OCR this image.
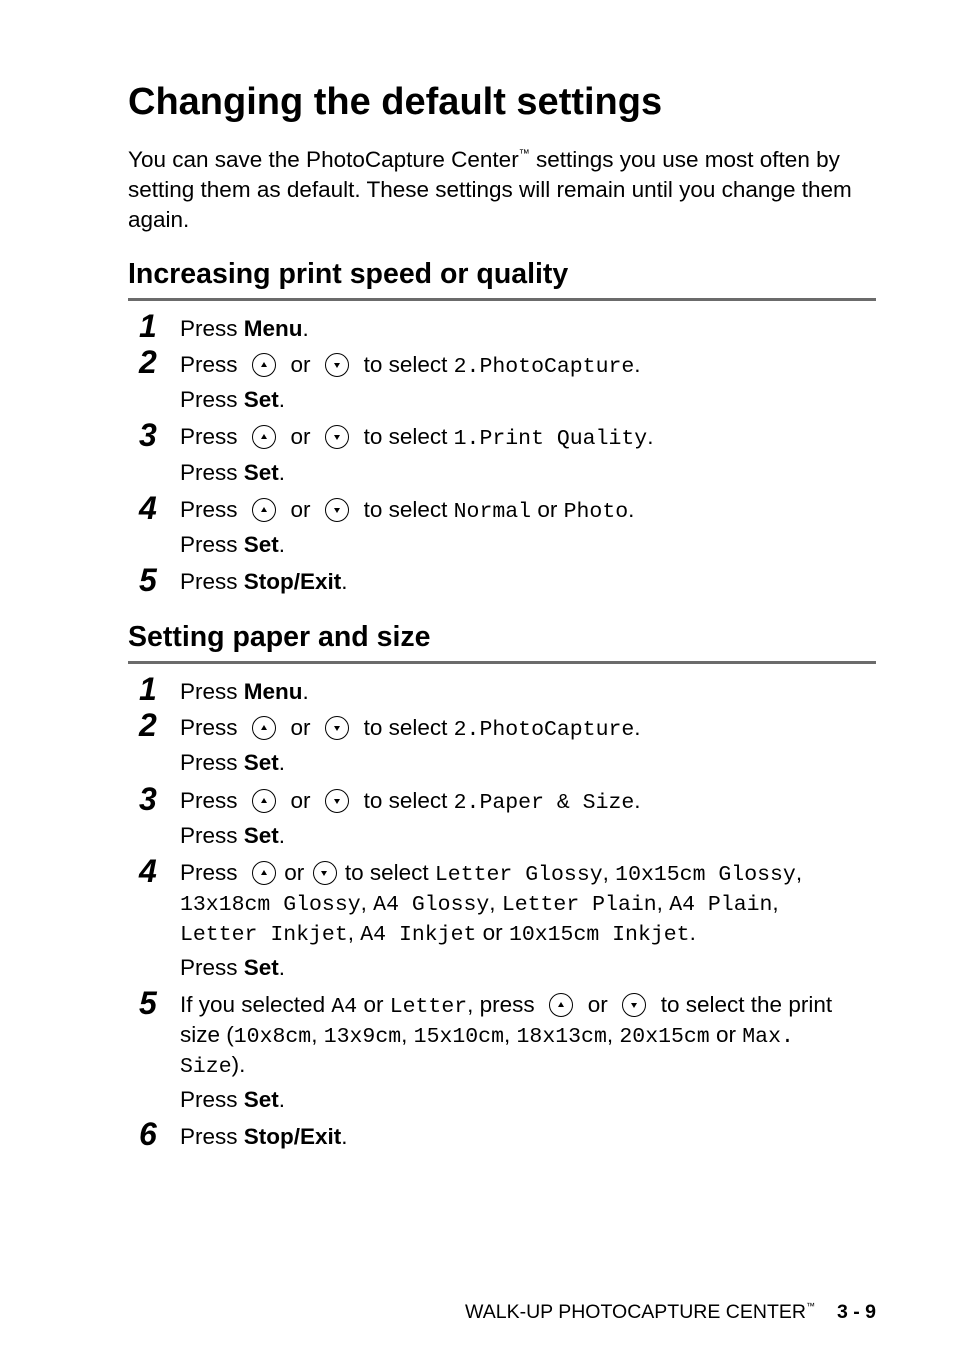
Changing the default settings

You can save the PhotoCapture Center™ settings you use most often by setting them as default. These settings will remain until you change them again.

Increasing print speed or quality
1 Press Menu.
2 Press or to select 2.PhotoCapture.
Press Set.
3 Press or to select 1.Print Quality.
Press Set.
4 Press or to select Normal or Photo.
Press Set.
5 Press Stop/Exit.
Setting paper and size
1 Press Menu.
2 Press or to select 2.PhotoCapture.
Press Set.
3 Press or to select 2.Paper & Size.
Press Set.
4 Press or to select Letter Glossy, 10x15cm Glossy,
13x18cm Glossy, A4 Glossy, Letter Plain, A4 Plain,
Letter Inkjet, A4 Inkjet or 10x15cm Inkjet.
Press Set.
5 If you selected A4 or Letter, press or to select the print
size (10x8cm, 13x9cm, 15x10cm, 18x13cm, 20x15cm or Max.
Size).
Press Set.
6 Press Stop/Exit.
WALK-UP PHOTOCAPTURE CENTER™ 3 - 9
